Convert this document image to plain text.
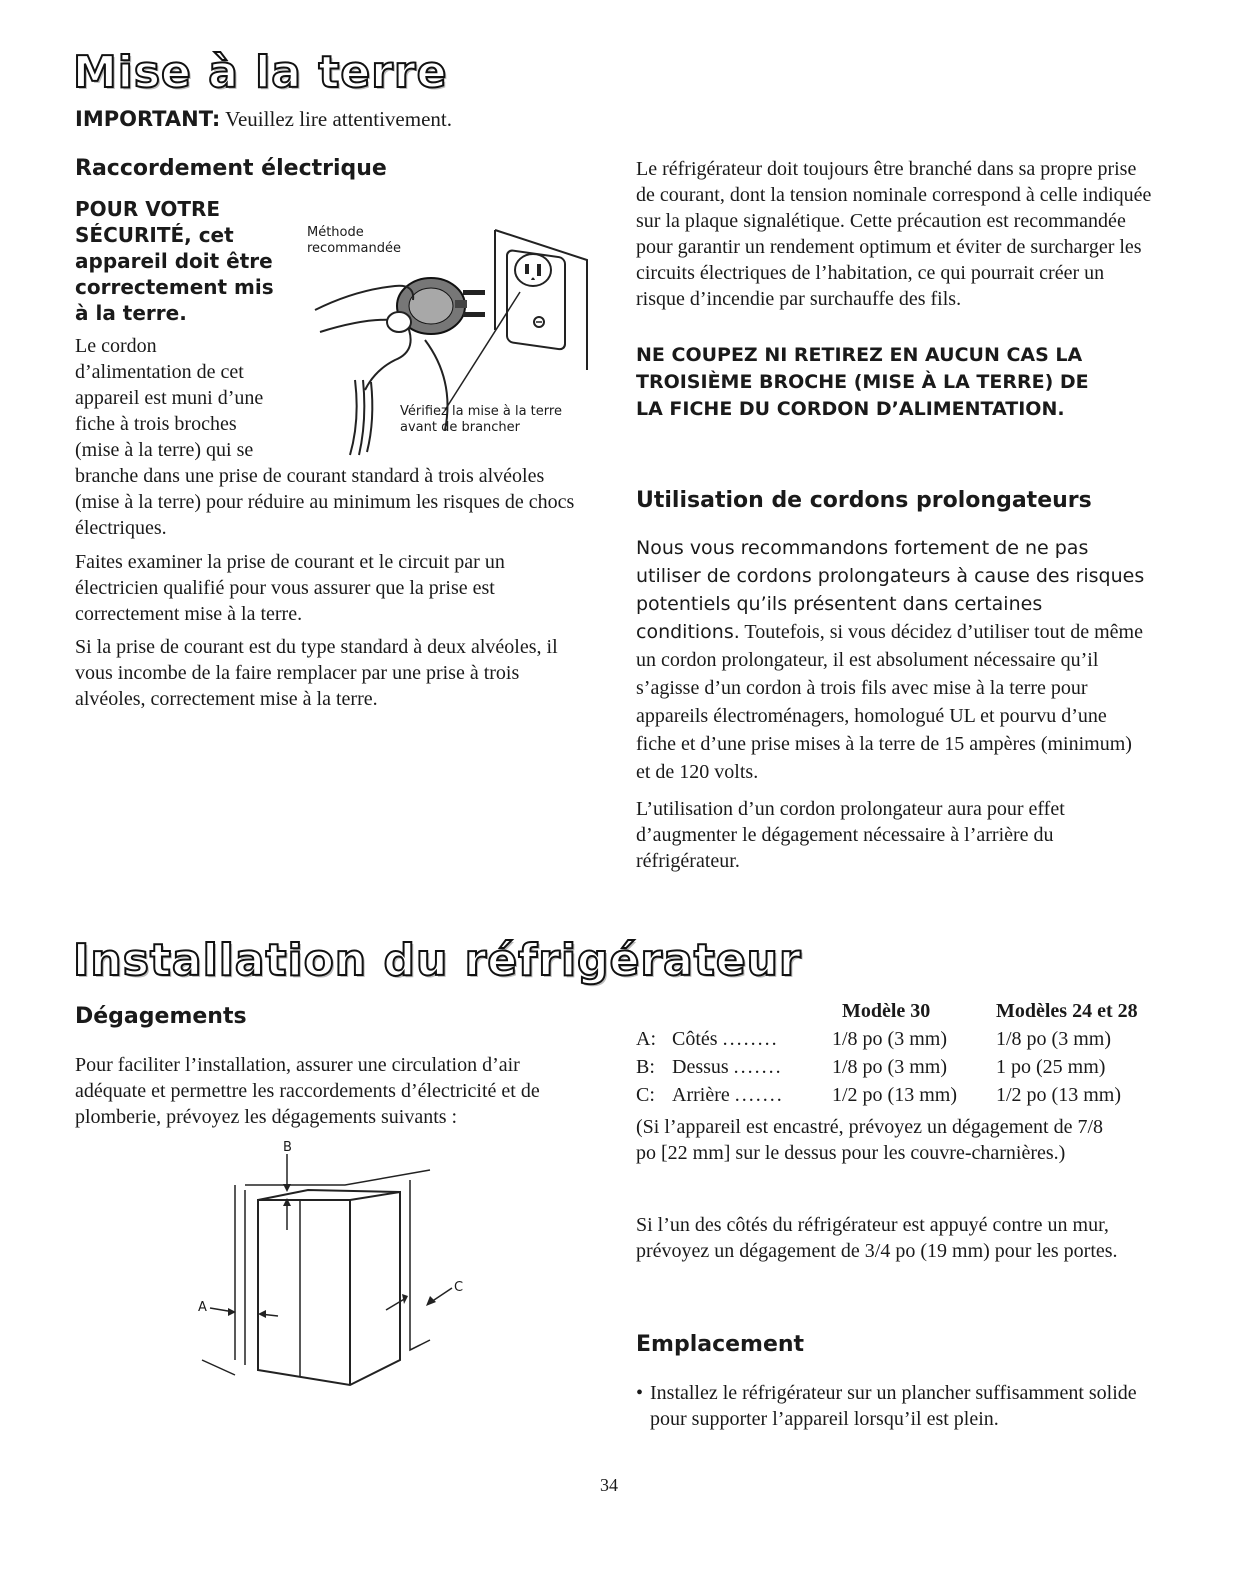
Mise à la terre
IMPORTANT: Veuillez lire attentivement.
Raccordement électrique
POUR VOTRE
SÉCURITÉ, cet
appareil doit être
correctement mis
à la terre.
Le cordon
d’alimentation de cet
appareil est muni d’une
fiche à trois broches
(mise à la terre) qui se
Méthode
recommandée
Vérifiez la mise à la terre
avant de brancher

branche dans une prise de courant standard à trois alvéoles (mise à la terre) pour réduire au minimum les risques de chocs électriques.

Faites examiner la prise de courant et le circuit par un électricien qualifié pour vous assurer que la prise est correctement mise à la terre.

Si la prise de courant est du type standard à deux alvéoles, il vous incombe de la faire remplacer par une prise à trois alvéoles, correctement mise à la terre.

Le réfrigérateur doit toujours être branché dans sa propre prise de courant, dont la tension nominale correspond à celle indiquée sur la plaque signalétique. Cette précaution est recommandée pour garantir un rendement optimum et éviter de surcharger les circuits électriques de l’habitation, ce qui pourrait créer un risque d’incendie par surchauffe des fils.

NE COUPEZ NI RETIREZ EN AUCUN CAS LA TROISIÈME BROCHE (MISE À LA TERRE) DE LA FICHE DU CORDON D’ALIMENTATION.
Utilisation de cordons prolongateurs
Nous vous recommandons fortement de ne pas utiliser de cordons prolongateurs à cause des risques potentiels qu’ils présentent dans certaines conditions. Toutefois, si vous décidez d’utiliser tout de même un cordon prolongateur, il est absolument nécessaire qu’il s’agisse d’un cordon à trois fils avec mise à la terre pour appareils électroménagers, homologué UL et pourvu d’une fiche et d’une prise mises à la terre de 15 ampères (minimum) et de 120 volts.

L’utilisation d’un cordon prolongateur aura pour effet d’augmenter le dégagement nécessaire à l’arrière du réfrigérateur.

Installation du réfrigérateur
Dégagements

Pour faciliter l’installation, assurer une circulation d’air adéquate et permettre les raccordements d’électricité et de plomberie, prévoyez les dégagements suivants :

B
A
C
	Modèle 30	Modèles 24 et 28
A: Côtés ........	1/8 po (3 mm)	1/8 po (3 mm)
B: Dessus .......	1/8 po (3 mm)	1 po (25 mm)
C: Arrière .......	1/2 po (13 mm)	1/2 po (13 mm)

(Si l’appareil est encastré, prévoyez un dégagement de 7/8 po [22 mm] sur le dessus pour les couvre-charnières.)

Si l’un des côtés du réfrigérateur est appuyé contre un mur, prévoyez un dégagement de 3/4 po (19 mm) pour les portes.

Emplacement
• Installez le réfrigérateur sur un plancher suffisamment solide pour supporter l’appareil lorsqu’il est plein.
34
